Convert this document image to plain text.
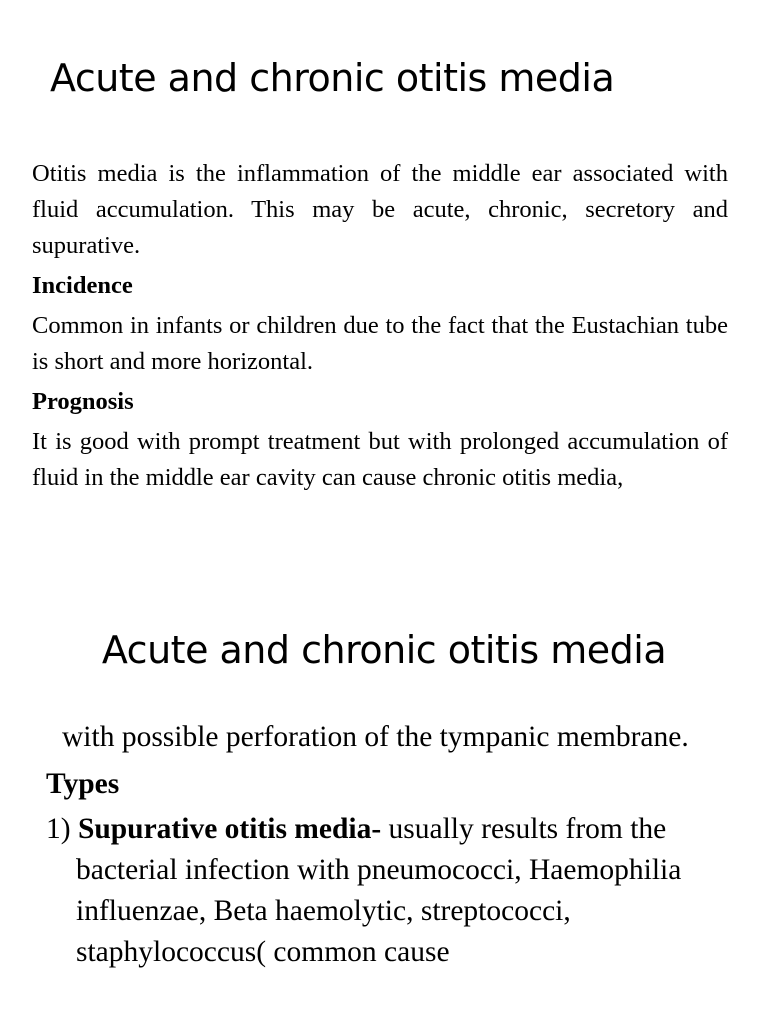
Acute and chronic otitis media

Otitis media is the inflammation of the middle ear associated with fluid accumulation. This may be acute, chronic, secretory and supurative.

Incidence

Common in infants or children due to the fact that the Eustachian tube is short and more horizontal.

Prognosis

It is good with prompt treatment but with prolonged accumulation of fluid in the middle ear cavity can cause chronic otitis media,

Acute and chronic otitis media

with possible perforation of the tympanic membrane.

Types

1) Supurative otitis media- usually results from the bacterial infection with pneumococci, Haemophilia influenzae, Beta haemolytic, streptococci, staphylococcus( common cause
